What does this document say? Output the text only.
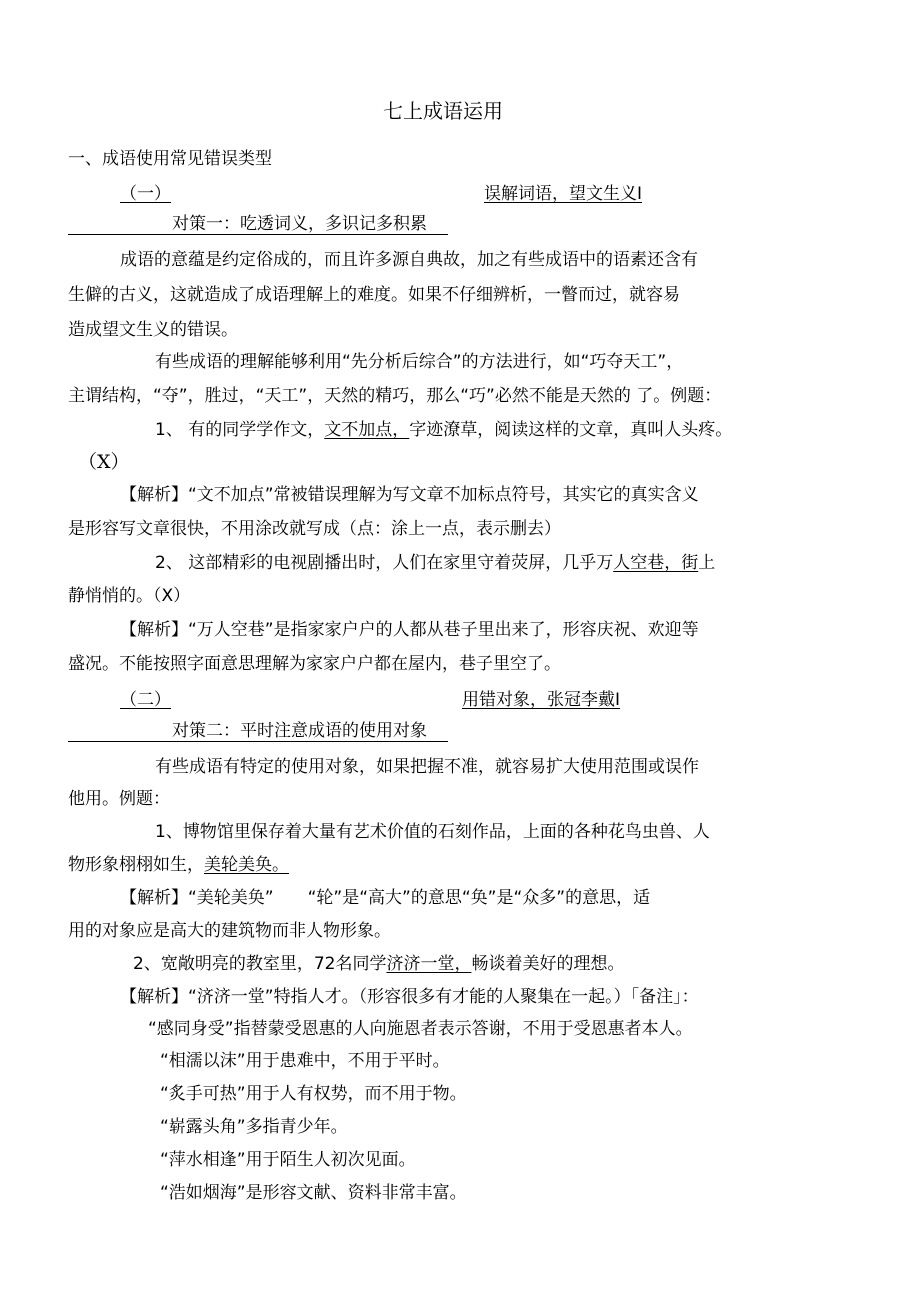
七上成语运用
一、成语使用常见错误类型
（一）	误解词语，望文生义I
对策一：吃透词义，多识记多积累
成语的意蕴是约定俗成的，而且许多源自典故，加之有些成语中的语素还含有
生僻的古义，这就造成了成语理解上的难度。如果不仔细辨析，一瞥而过，就容易
造成望文生义的错误。
有些成语的理解能够利用“先分析后综合”的方法进行，如“巧夺天工”，
主谓结构，“夺”，胜过，“天工”，天然的精巧，那么“巧”必然不能是天然的 了。例题：
1、 有的同学学作文，文不加点，字迹潦草，阅读这样的文章，真叫人头疼。
（X）
【解析】“文不加点”常被错误理解为写文章不加标点符号，其实它的真实含义
是形容写文章很快，不用涂改就写成（点：涂上一点，表示删去）
2、 这部精彩的电视剧播出时，人们在家里守着荧屏，几乎万人空巷，街上
静悄悄的。（X）
【解析】“万人空巷”是指家家户户的人都从巷子里出来了，形容庆祝、欢迎等
盛况。不能按照字面意思理解为家家户户都在屋内，巷子里空了。
（二）	用错对象，张冠李戴I
对策二：平时注意成语的使用对象
有些成语有特定的使用对象，如果把握不准，就容易扩大使用范围或误作
他用。例题：
1、博物馆里保存着大量有艺术价值的石刻作品，上面的各种花鸟虫兽、人
物形象栩栩如生，美轮美奂。
【解析】“美轮美奂”　　“轮”是“高大”的意思“奂”是“众多”的意思，适
用的对象应是高大的建筑物而非人物形象。
2、宽敞明亮的教室里，72名同学济济一堂，畅谈着美好的理想。
【解析】“济济一堂”特指人才。（形容很多有才能的人聚集在一起。）「备注」：
“感同身受”指替蒙受恩惠的人向施恩者表示答谢，不用于受恩惠者本人。
“相濡以沫”用于患难中，不用于平时。
“炙手可热”用于人有权势，而不用于物。
“崭露头角”多指青少年。
“萍水相逢”用于陌生人初次见面。
“浩如烟海”是形容文献、资料非常丰富。
